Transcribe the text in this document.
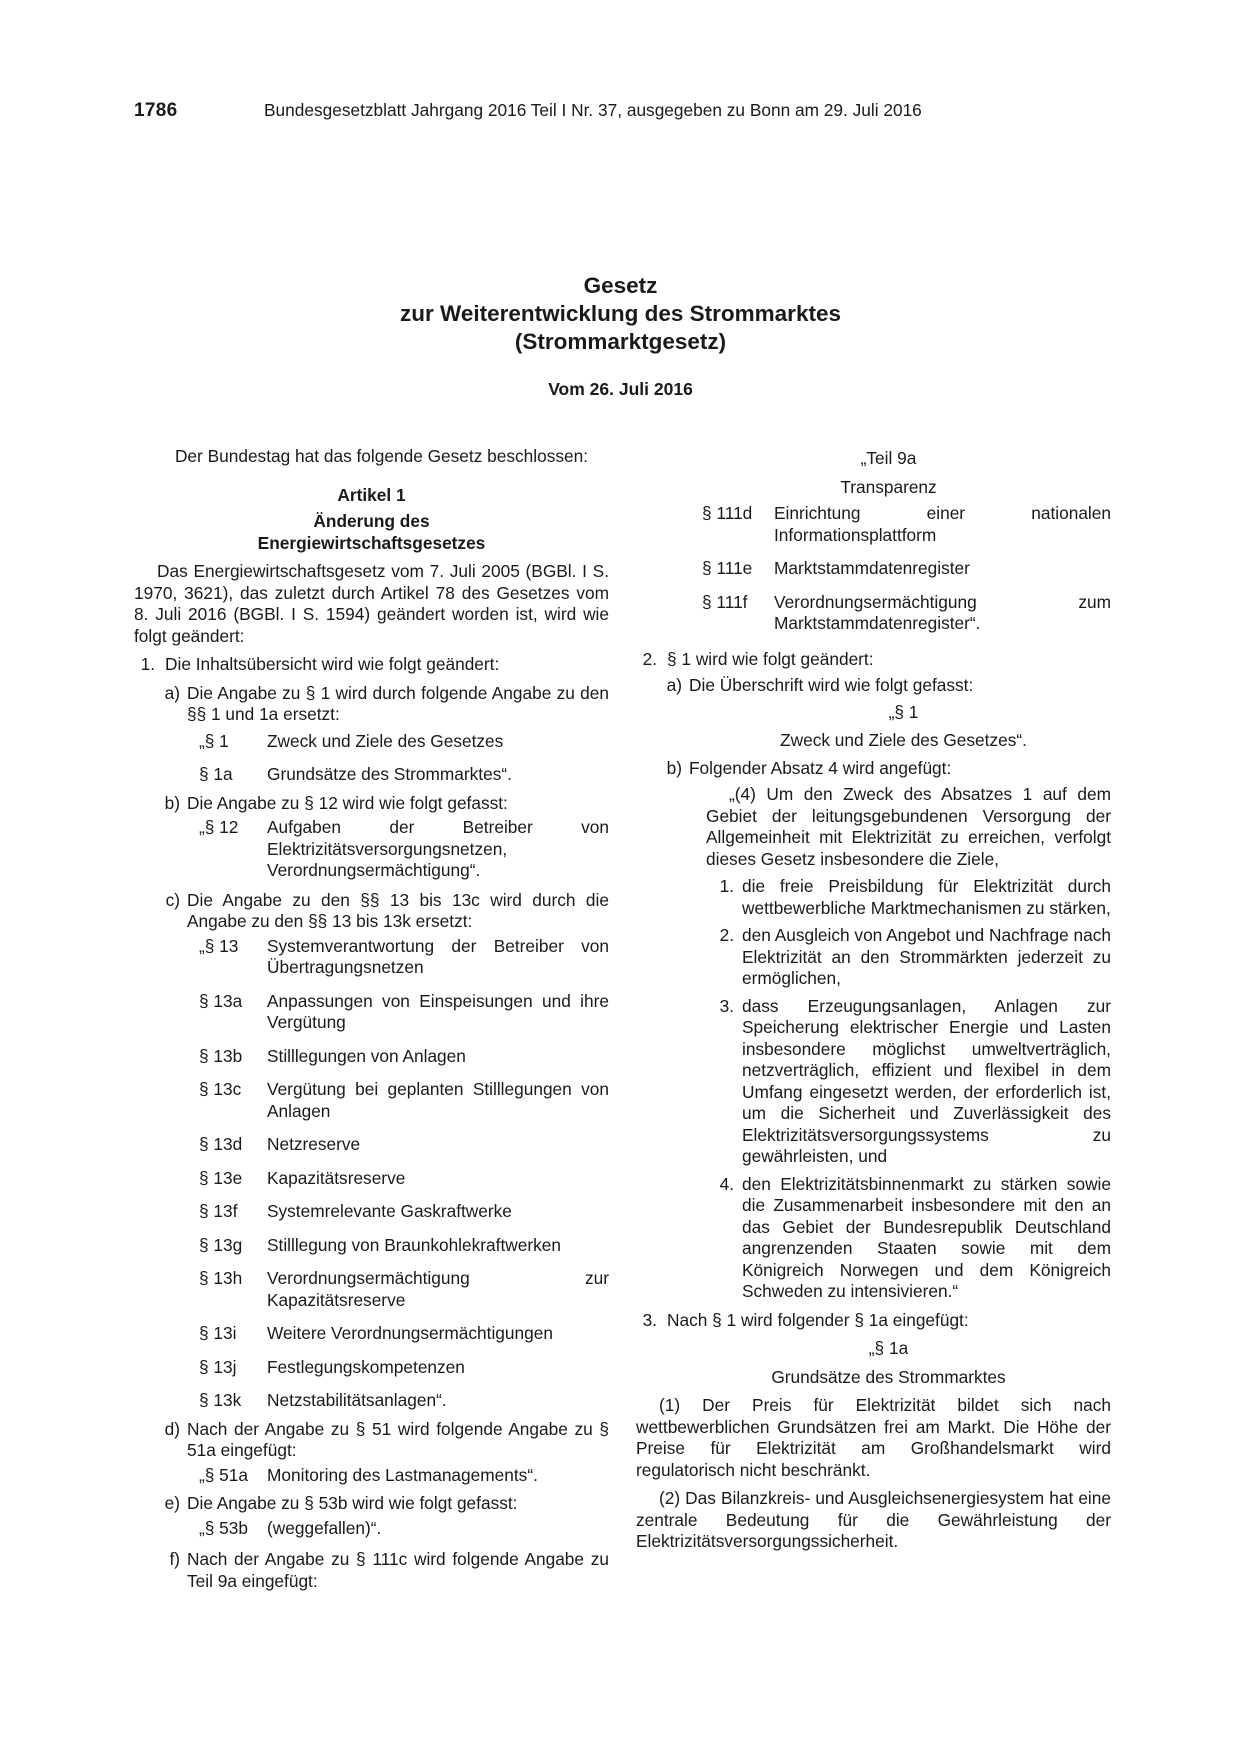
1786	Bundesgesetzblatt Jahrgang 2016 Teil I Nr. 37, ausgegeben zu Bonn am 29. Juli 2016
Gesetz
zur Weiterentwicklung des Strommarktes
(Strommarktgesetz)
Vom 26. Juli 2016

Der Bundestag hat das folgende Gesetz beschlossen:

Artikel 1

Änderung des

Energiewirtschaftsgesetzes

Das Energiewirtschaftsgesetz vom 7. Juli 2005 (BGBl. I S. 1970, 3621), das zuletzt durch Artikel 78 des Gesetzes vom 8. Juli 2016 (BGBl. I S. 1594) geändert worden ist, wird wie folgt geändert:

1. Die Inhaltsübersicht wird wie folgt geändert:
a) Die Angabe zu § 1 wird durch folgende Angabe zu den §§ 1 und 1a ersetzt:
„§ 1	Zweck und Ziele des Gesetzes
§ 1a	Grundsätze des Strommarktes“.
b) Die Angabe zu § 12 wird wie folgt gefasst:
„§ 12	Aufgaben der Betreiber von Elektrizitätsversorgungsnetzen, Verordnungsermächtigung“.
c) Die Angabe zu den §§ 13 bis 13c wird durch die Angabe zu den §§ 13 bis 13k ersetzt:
„§ 13	Systemverantwortung der Betreiber von Übertragungsnetzen
§ 13a	Anpassungen von Einspeisungen und ihre Vergütung
§ 13b	Stilllegungen von Anlagen
§ 13c	Vergütung bei geplanten Stilllegungen von Anlagen
§ 13d	Netzreserve
§ 13e	Kapazitätsreserve
§ 13f	Systemrelevante Gaskraftwerke
§ 13g	Stilllegung von Braunkohlekraftwerken
§ 13h	Verordnungsermächtigung zur Kapazitätsreserve
§ 13i	Weitere Verordnungsermächtigungen
§ 13j	Festlegungskompetenzen
§ 13k	Netzstabilitätsanlagen“.
d) Nach der Angabe zu § 51 wird folgende Angabe zu § 51a eingefügt:
„§ 51a	Monitoring des Lastmanagements“.
e) Die Angabe zu § 53b wird wie folgt gefasst:
„§ 53b	(weggefallen)“.
f) Nach der Angabe zu § 111c wird folgende Angabe zu Teil 9a eingefügt:

„Teil 9a

Transparenz

§ 111d	Einrichtung einer nationalen Informationsplattform
§ 111e	Marktstammdatenregister
§ 111f	Verordnungsermächtigung zum Marktstammdatenregister“.
2. § 1 wird wie folgt geändert:
a) Die Überschrift wird wie folgt gefasst:

„§ 1

Zweck und Ziele des Gesetzes“.

b) Folgender Absatz 4 wird angefügt:

„(4) Um den Zweck des Absatzes 1 auf dem Gebiet der leitungsgebundenen Versorgung der Allgemeinheit mit Elektrizität zu erreichen, verfolgt dieses Gesetz insbesondere die Ziele,

1. die freie Preisbildung für Elektrizität durch wettbewerbliche Marktmechanismen zu stärken,
2. den Ausgleich von Angebot und Nachfrage nach Elektrizität an den Strommärkten jederzeit zu ermöglichen,
3. dass Erzeugungsanlagen, Anlagen zur Speicherung elektrischer Energie und Lasten insbesondere möglichst umweltverträglich, netzverträglich, effizient und flexibel in dem Umfang eingesetzt werden, der erforderlich ist, um die Sicherheit und Zuverlässigkeit des Elektrizitätsversorgungssystems zu gewährleisten, und
4. den Elektrizitätsbinnenmarkt zu stärken sowie die Zusammenarbeit insbesondere mit den an das Gebiet der Bundesrepublik Deutschland angrenzenden Staaten sowie mit dem Königreich Norwegen und dem Königreich Schweden zu intensivieren.“
3. Nach § 1 wird folgender § 1a eingefügt:

„§ 1a

Grundsätze des Strommarktes

(1) Der Preis für Elektrizität bildet sich nach wettbewerblichen Grundsätzen frei am Markt. Die Höhe der Preise für Elektrizität am Großhandelsmarkt wird regulatorisch nicht beschränkt.

(2) Das Bilanzkreis- und Ausgleichsenergiesystem hat eine zentrale Bedeutung für die Gewährleistung der Elektrizitätsversorgungssicherheit.
